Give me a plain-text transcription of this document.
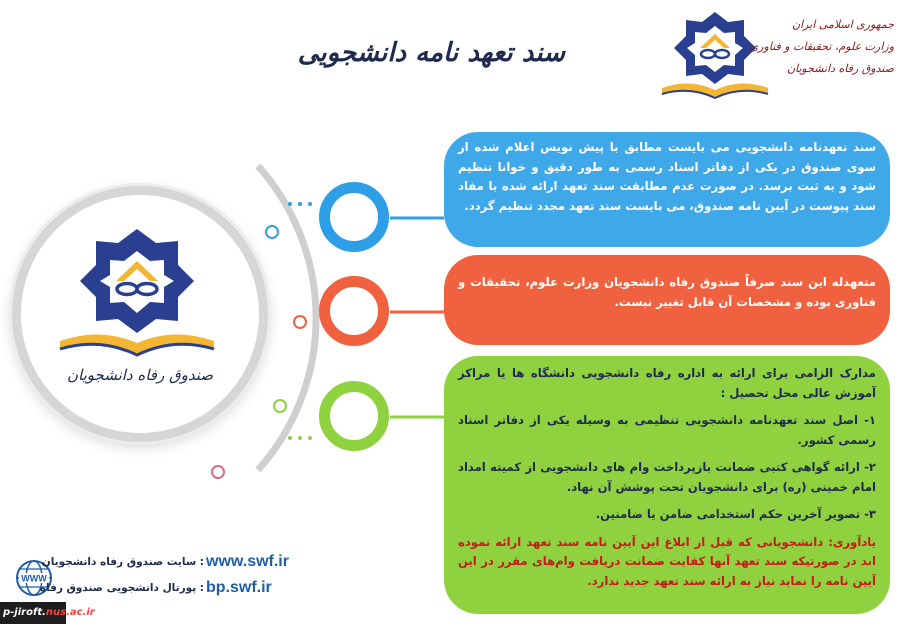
سند تعهد نامه دانشجویی
جمهوری اسلامی ایران
وزارت علوم، تحقیقات و فناوری
صندوق رفاه دانشجویان
صندوق رفاه دانشجویان
سند تعهدنامه دانشجویی می بایست مطابق با پیش نویس اعلام شده از سوی صندوق در یکی از دفاتر اسناد رسمی به طور دقیق و خوانا تنظیم شود و به ثبت برسد. در صورت عدم مطابقت سند تعهد ارائه شده با مفاد سند پیوست در آیین نامه صندوق، می بایست سند تعهد مجدد تنظیم گردد.
متعهدله این سند صرفاً صندوق رفاه دانشجویان وزارت علوم، تحقیقات و فناوری بوده و مشخصات آن قابل تغییر نیست.

مدارک الزامی برای ارائه به اداره رفاه دانشجویی دانشگاه ها یا مراکز آموزش عالی محل تحصیل :

۱- اصل سند تعهدنامه دانشجویی تنظیمی به وسیله یکی از دفاتر اسناد رسمی کشور.

۲- ارائه گواهی کتبی ضمانت بازپرداخت وام های دانشجویی از کمیته امداد امام خمینی (ره) برای دانشجویان تحت پوشش آن نهاد.

۳- تصویر آخرین حکم استخدامی ضامن یا ضامنین.

یادآوری: دانشجویانی که قبل از ابلاغ این آیین نامه سند تعهد ارائه نموده اند در صورتیکه سند تعهد آنها کفایت ضمانت دریافت وام‌های مقرر در این آیین نامه را نماید نیاز به ارائه سند تعهد جدید ندارد.

WWW
www.swf.ir
: سایت صندوق رفاه دانشجویان
bp.swf.ir
: پورتال دانشجویی صندوق رفاه
p-jiroft.nus.ac.ir
